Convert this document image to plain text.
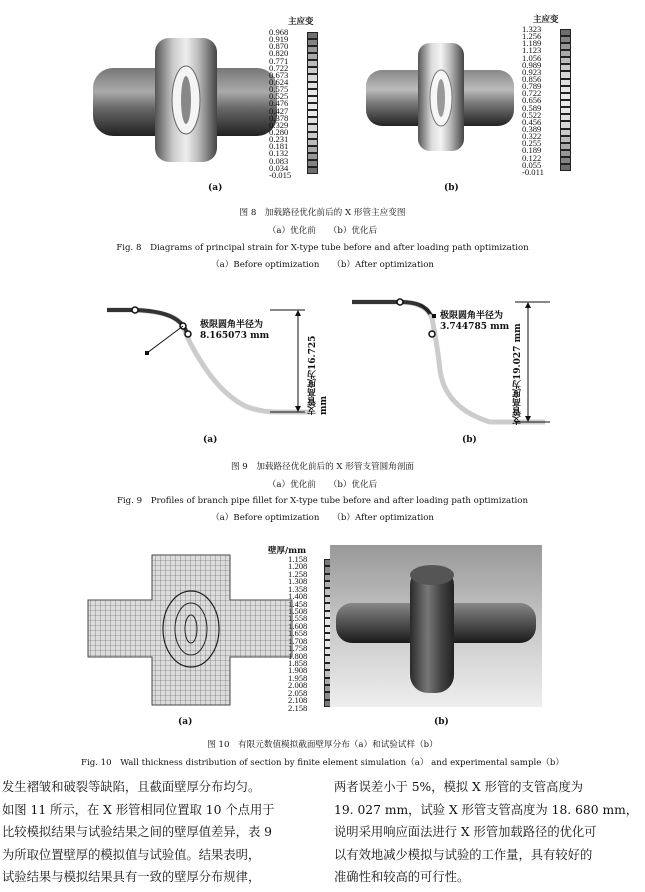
主应变
0.968
0.919
0.870
0.820
0.771
0.722
0.673
0.624
0.575
0.525
0.476
0.427
0.378
0.329
0.280
0.231
0.181
0.132
0.083
0.034
-0.015
(a)
主应变
1.323
1.256
1.189
1.123
1.056
0.989
0.923
0.856
0.789
0.722
0.656
0.589
0.522
0.456
0.389
0.322
0.255
0.189
0.122
0.055
-0.011
(b)
图 8　加载路径优化前后的 X 形管主应变图
（a）优化前　　（b）优化后
Fig. 8　Diagrams of principal strain for X-type tube before and after loading path optimization
（a）Before optimization　　（b）After optimization
极限圆角半径为
8.165073 mm	支管高度为16.725 mm
(a)
极限圆角半径为
3.744785 mm 支管高度为19.027 mm
(b)
图 9　加载路径优化前后的 X 形管支管圆角剖面
（a）优化前　　（b）优化后
Fig. 9　Profiles of branch pipe fillet for X-type tube before and after loading path optimization
（a）Before optimization　　（b）After optimization
壁厚/mm
1.158
1.208
1.258
1.308
1.358
1.408
1.458
1.508
1.558
1.608
1.658
1.708
1.758
1.808
1.858
1.908
1.958
2.008
2.058
2.108
2.158
(a)	(b)
图 10　有限元数值模拟截面壁厚分布（a）和试验试样（b）
Fig. 10　Wall thickness distribution of section by finite element simulation（a） and experimental sample（b）
发生褶皱和破裂等缺陷，且截面壁厚分布均匀。
如图 11 所示，在 X 形管相同位置取 10 个点用于
比较模拟结果与试验结果之间的壁厚值差异，表 9
为所取位置壁厚的模拟值与试验值。结果表明，
试验结果与模拟结果具有一致的壁厚分布规律，
两者误差小于 5%，模拟 X 形管的支管高度为
19. 027 mm，试验 X 形管支管高度为 18. 680 mm，
说明采用响应面法进行 X 形管加载路径的优化可
以有效地减少模拟与试验的工作量，具有较好的
准确性和较高的可行性。
